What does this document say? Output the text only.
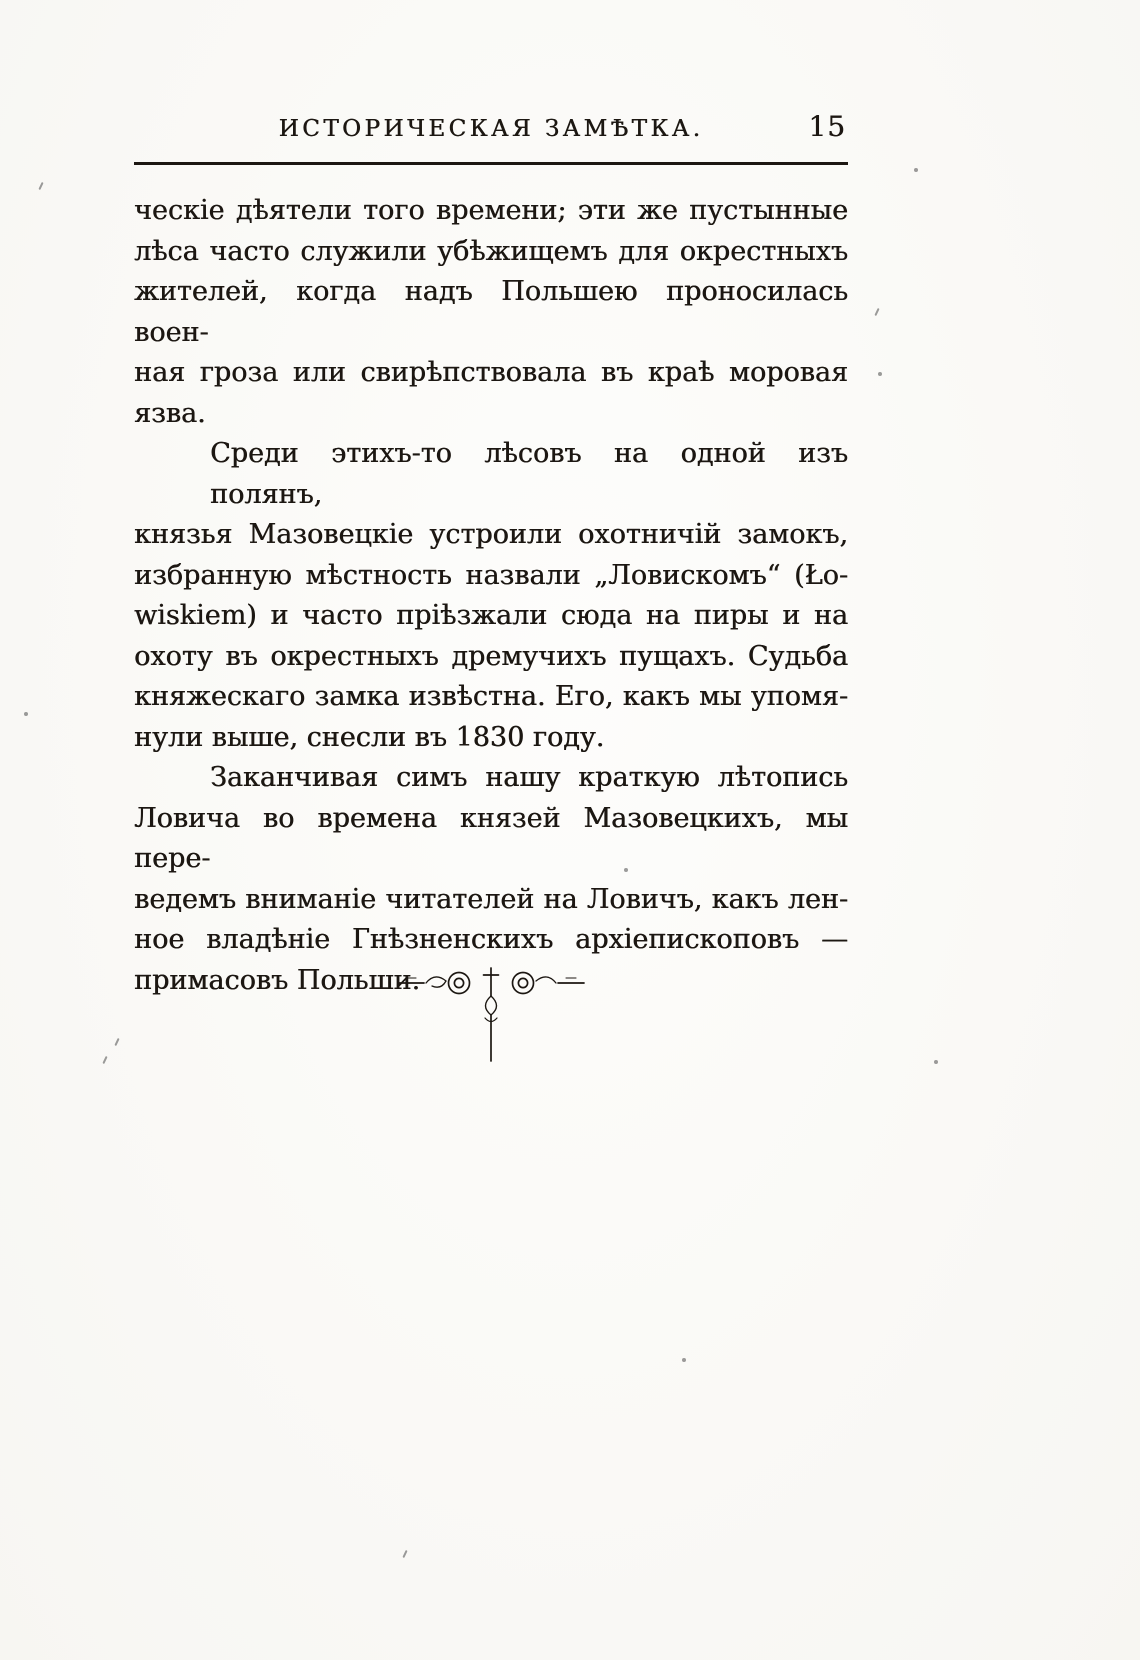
ИСТОРИЧЕСКАЯ ЗАМѢТКА.	15
ческіе дѣятели того времени; эти же пустынные
лѣса часто служили убѣжищемъ для окрестныхъ
жителей, когда надъ Польшею проносилась воен-
ная гроза или свирѣпствовала въ краѣ моровая
язва.
Среди этихъ-то лѣсовъ на одной изъ полянъ,
князья Мазовецкіе устроили охотничій замокъ,
избранную мѣстность назвали „Ловискомъ“ (Ło-
wiskiem) и часто пріѣзжали сюда на пиры и на
охоту въ окрестныхъ дремучихъ пущахъ. Судьба
княжескаго замка извѣстна. Его, какъ мы упомя-
нули выше, снесли въ 1830 году.
Заканчивая симъ нашу краткую лѣтопись
Ловича во времена князей Мазовецкихъ, мы пере-
ведемъ вниманіе читателей на Ловичъ, какъ лен-
ное владѣніе Гнѣзненскихъ архіепископовъ —
примасовъ Польши.
